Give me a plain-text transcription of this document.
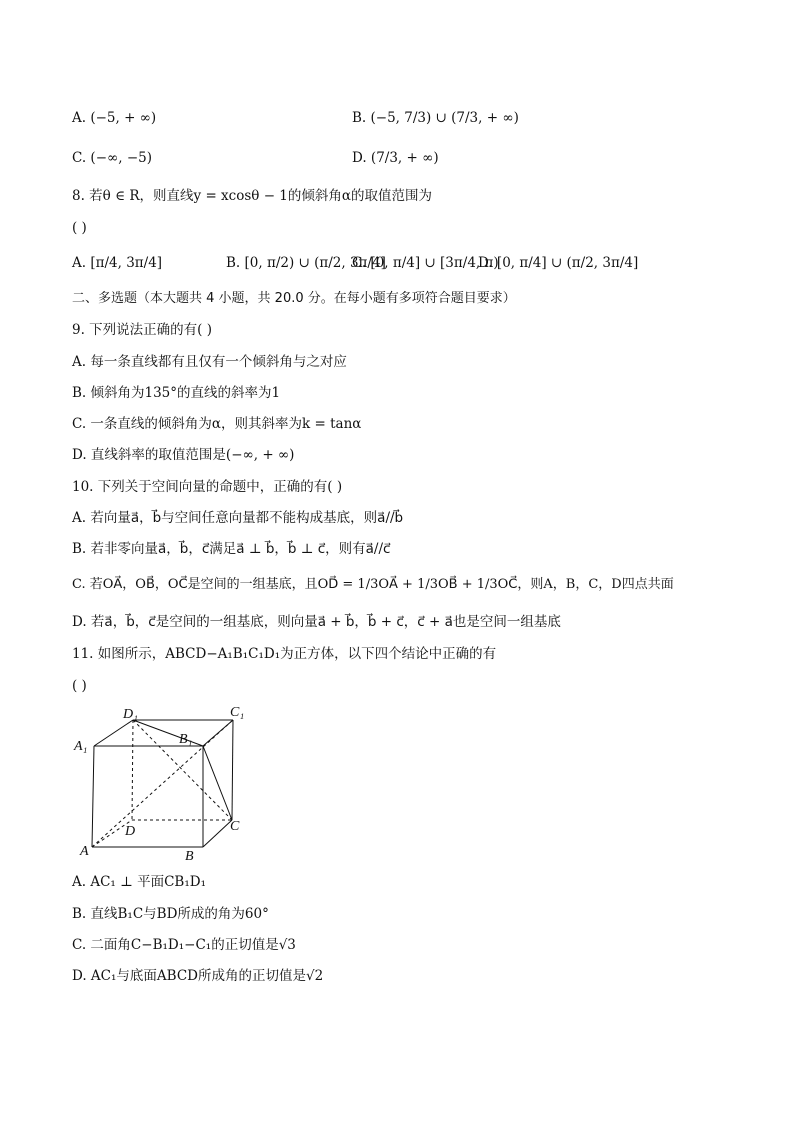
A. (−5, + ∞)	B. (−5, 7/3) ∪ (7/3, + ∞)
C. (−∞, −5)	D. (7/3, + ∞)
8. 若θ ∈ R，则直线y = xcosθ − 1的倾斜角α的取值范围为
( )
A. [π/4, 3π/4]	B. [0, π/2) ∪ (π/2, 3π/4]
C. [0, π/4] ∪ [3π/4, π)
D. [0, π/4] ∪ (π/2, 3π/4]
二、多选题（本大题共 4 小题，共 20.0 分。在每小题有多项符合题目要求）
9. 下列说法正确的有( )
A. 每一条直线都有且仅有一个倾斜角与之对应
B. 倾斜角为135°的直线的斜率为1
C. 一条直线的倾斜角为α，则其斜率为k = tanα
D. 直线斜率的取值范围是(−∞, + ∞)
10. 下列关于空间向量的命题中，正确的有( )
A. 若向量a⃗，b⃗与空间任意向量都不能构成基底，则a⃗//b⃗
B. 若非零向量a⃗，b⃗，c⃗满足a⃗ ⊥ b⃗，b⃗ ⊥ c⃗，则有a⃗//c⃗
C. 若OA⃗，OB⃗，OC⃗是空间的一组基底，且OD⃗ = 1/3OA⃗ + 1/3OB⃗ + 1/3OC⃗，则A，B，C，D四点共面
D. 若a⃗，b⃗，c⃗是空间的一组基底，则向量a⃗ + b⃗，b⃗ + c⃗，c⃗ + a⃗也是空间一组基底
11. 如图所示，ABCD−A₁B₁C₁D₁为正方体，以下四个结论中正确的有
( )
D₁	C₁
A₁	B₁
D	C
A	B
A. AC₁ ⊥ 平面CB₁D₁
B. 直线B₁C与BD所成的角为60°
C. 二面角C−B₁D₁−C₁的正切值是√3
D. AC₁与底面ABCD所成角的正切值是√2
